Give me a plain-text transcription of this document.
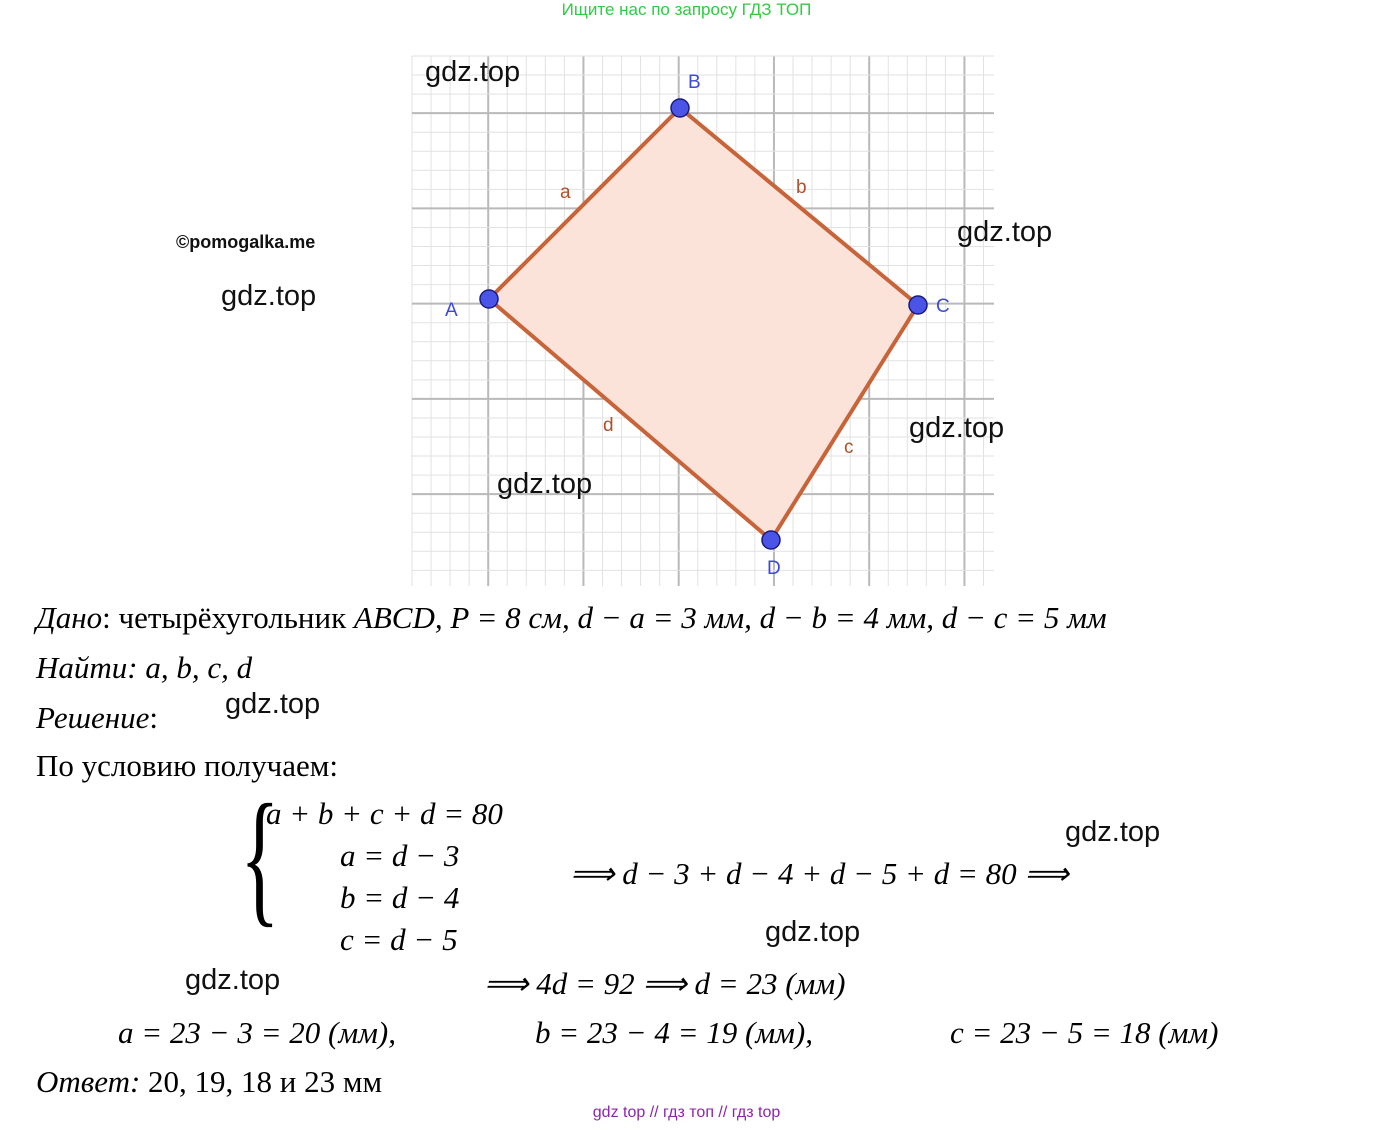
Ищите нас по запросу ГДЗ ТОП
A
B
C
D
a	b
c
d
©pomogalka.me
gdz.top
gdz.top
gdz.top
gdz.top
gdz.top
gdz.top
gdz.top
gdz.top
gdz.top
Дано: четырёхугольник ABCD, P = 8 см, d − a = 3 мм, d − b = 4 мм, d − c = 5 мм
Найти: a, b, c, d
Решение:
По условию получаем:
{
a + b + c + d = 80
a = d − 3
b = d − 4
c = d − 5
⟹ d − 3 + d − 4 + d − 5 + d = 80 ⟹
⟹ 4d = 92 ⟹ d = 23 (мм)
a = 23 − 3 = 20 (мм),	b = 23 − 4 = 19 (мм),	c = 23 − 5 = 18 (мм)
Ответ: 20, 19, 18 и 23 мм
gdz top // гдз топ // гдз top
